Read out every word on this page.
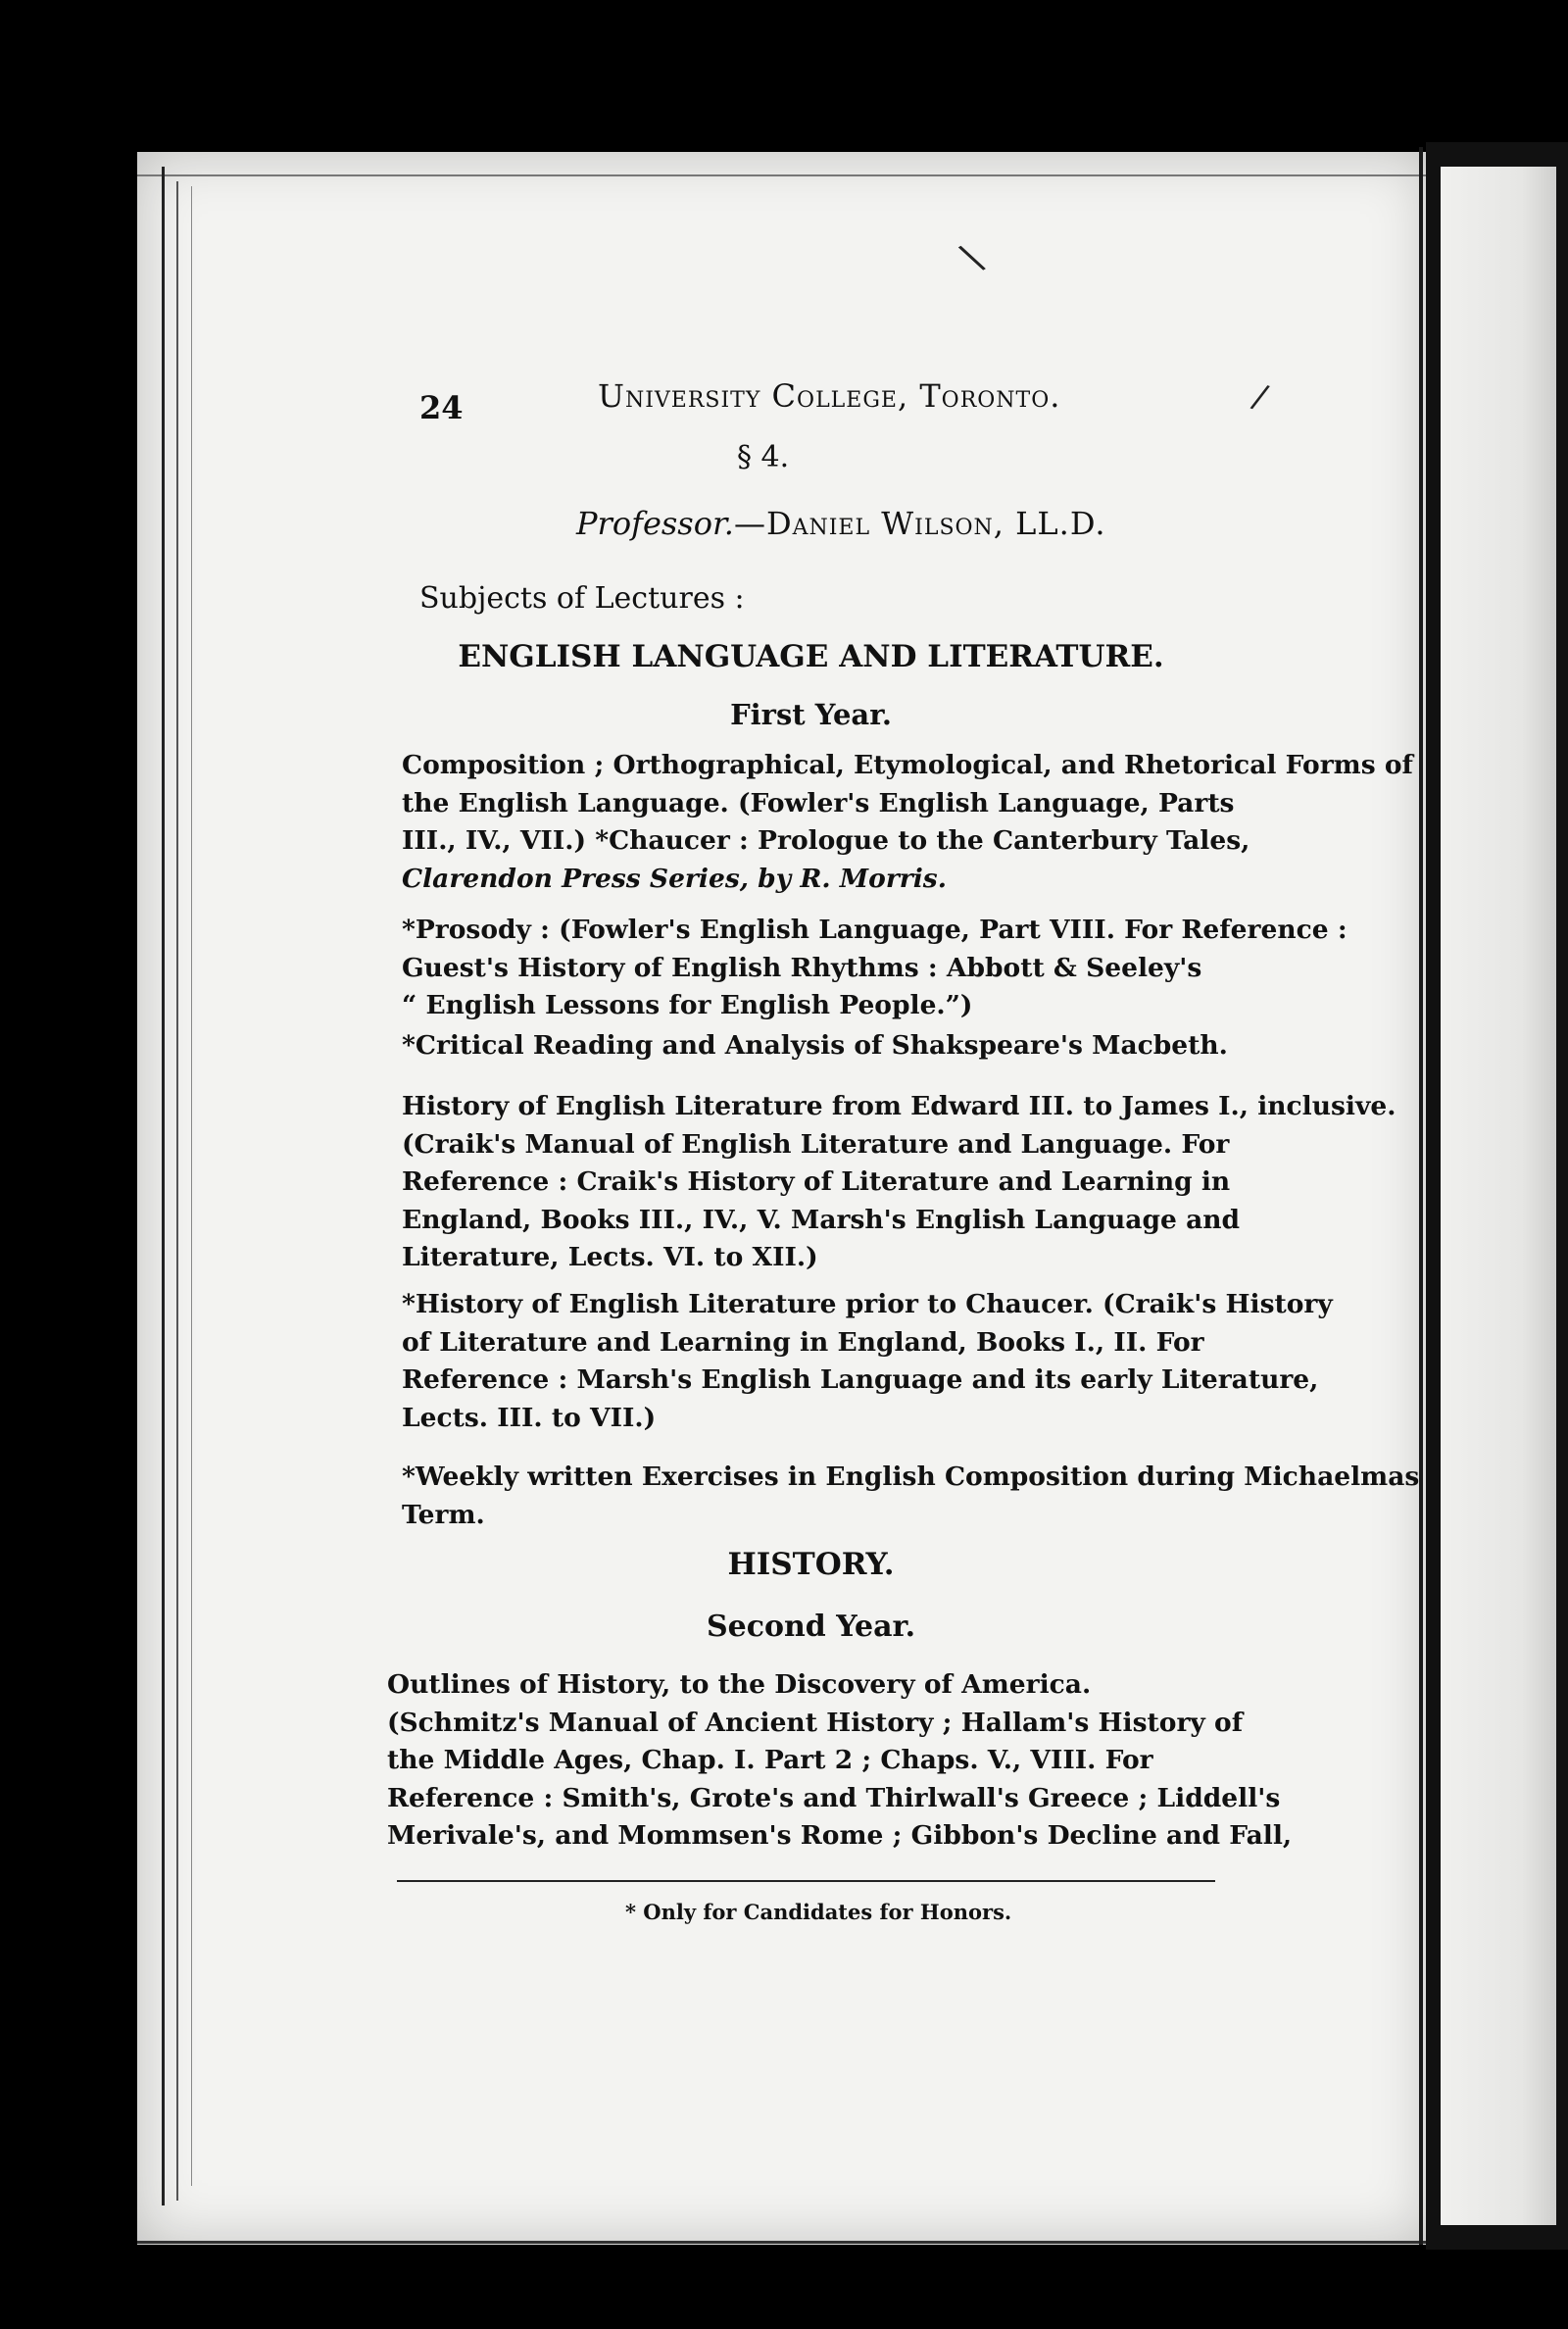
\
/
24	University College, Toronto.
§ 4.
Professor.—Daniel Wilson, LL.D.
Subjects of Lectures :
ENGLISH LANGUAGE AND LITERATURE.
First Year.
Composition ; Orthographical, Etymological, and Rhetorical Forms of
the English Language. (Fowler's English Language, Parts
III., IV., VII.) *Chaucer : Prologue to the Canterbury Tales,
Clarendon Press Series, by R. Morris.
*Prosody : (Fowler's English Language, Part VIII. For Reference :
Guest's History of English Rhythms : Abbott & Seeley's
“ English Lessons for English People.”)
*Critical Reading and Analysis of Shakspeare's Macbeth.
History of English Literature from Edward III. to James I., inclusive.
(Craik's Manual of English Literature and Language. For
Reference : Craik's History of Literature and Learning in
England, Books III., IV., V. Marsh's English Language and
Literature, Lects. VI. to XII.)
*History of English Literature prior to Chaucer. (Craik's History
of Literature and Learning in England, Books I., II. For
Reference : Marsh's English Language and its early Literature,
Lects. III. to VII.)
*Weekly written Exercises in English Composition during Michaelmas
Term.
HISTORY.
Second Year.
Outlines of History, to the Discovery of America.
(Schmitz's Manual of Ancient History ; Hallam's History of
the Middle Ages, Chap. I. Part 2 ; Chaps. V., VIII. For
Reference : Smith's, Grote's and Thirlwall's Greece ; Liddell's
Merivale's, and Mommsen's Rome ; Gibbon's Decline and Fall,
* Only for Candidates for Honors.
